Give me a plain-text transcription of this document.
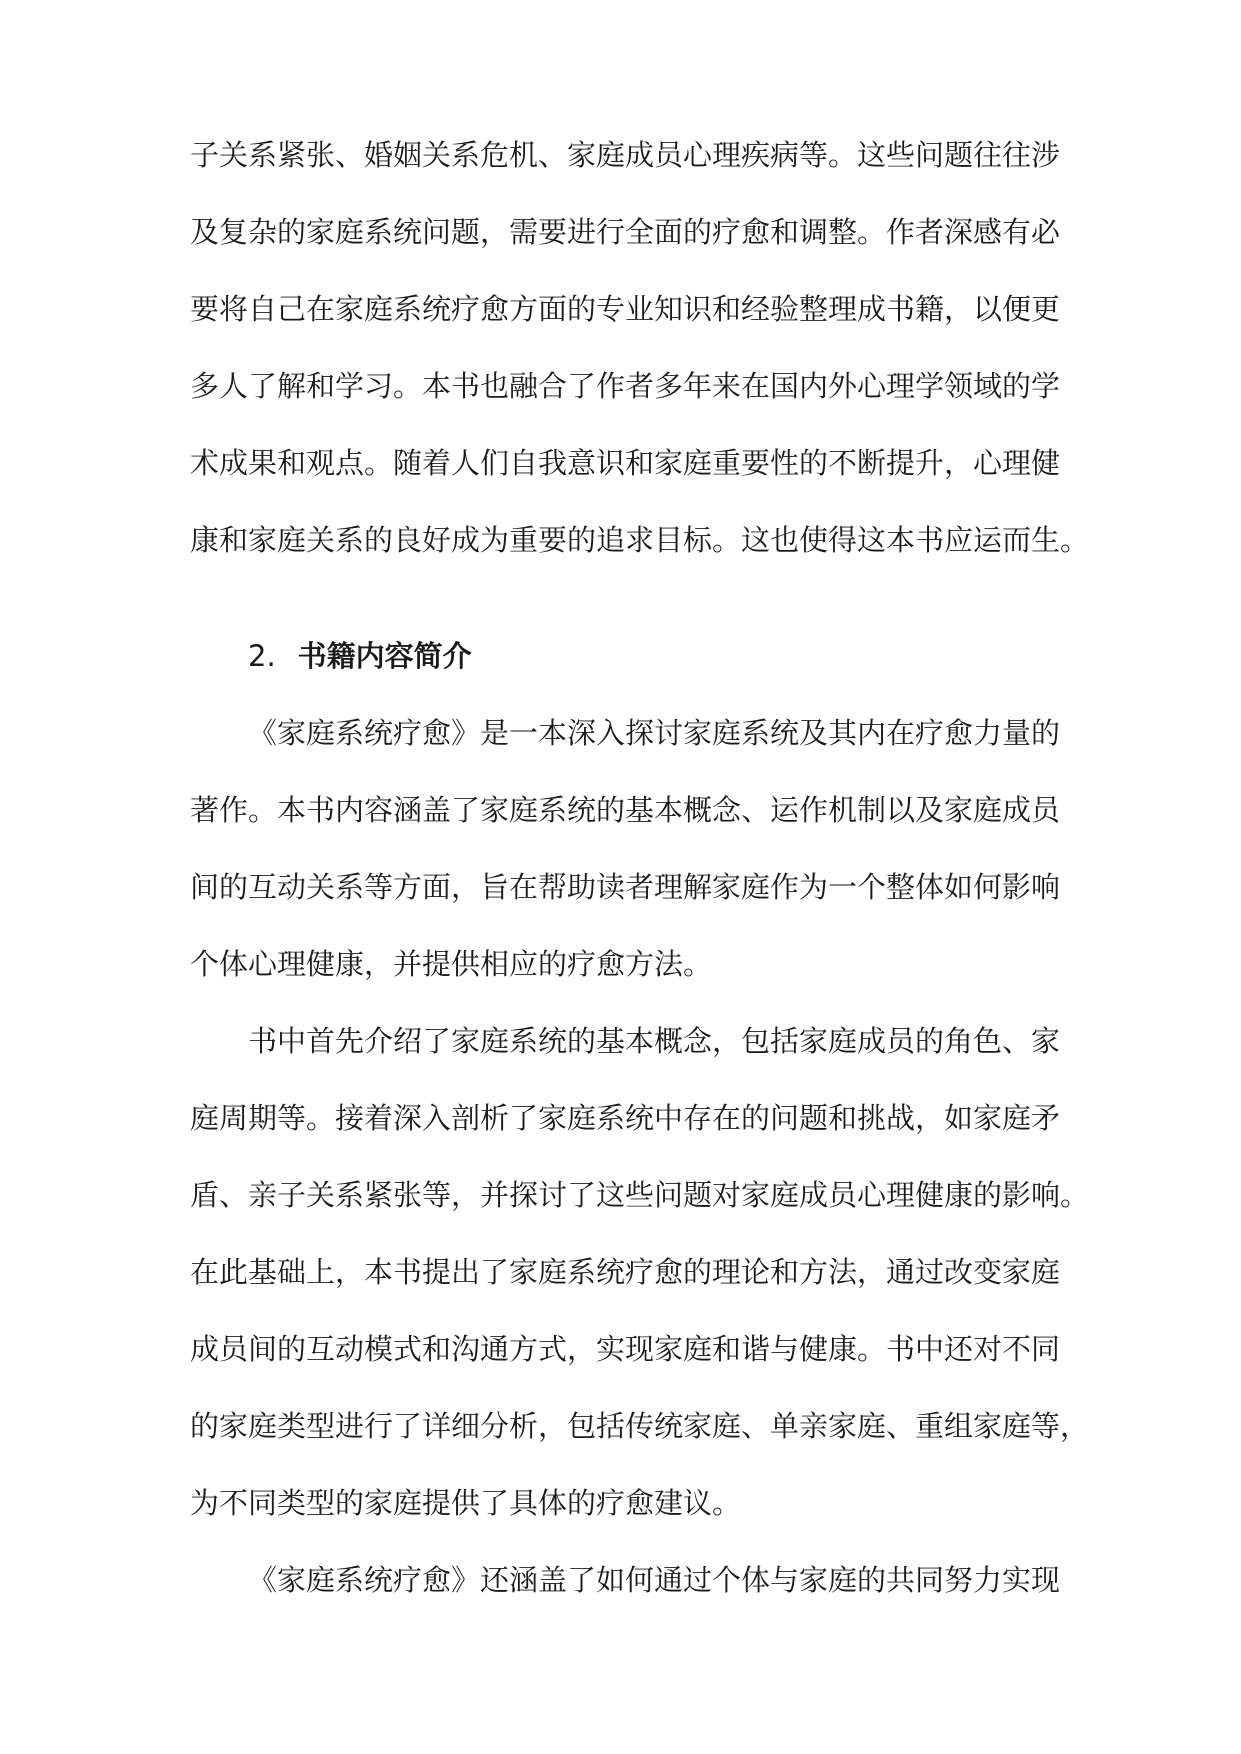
子关系紧张、婚姻关系危机、家庭成员心理疾病等。这些问题往往涉
及复杂的家庭系统问题，需要进行全面的疗愈和调整。作者深感有必
要将自己在家庭系统疗愈方面的专业知识和经验整理成书籍，以便更
多人了解和学习。本书也融合了作者多年来在国内外心理学领域的学
术成果和观点。随着人们自我意识和家庭重要性的不断提升，心理健
康和家庭关系的良好成为重要的追求目标。这也使得这本书应运而生。
2. 书籍内容简介
《家庭系统疗愈》是一本深入探讨家庭系统及其内在疗愈力量的
著作。本书内容涵盖了家庭系统的基本概念、运作机制以及家庭成员
间的互动关系等方面，旨在帮助读者理解家庭作为一个整体如何影响
个体心理健康，并提供相应的疗愈方法。
书中首先介绍了家庭系统的基本概念，包括家庭成员的角色、家
庭周期等。接着深入剖析了家庭系统中存在的问题和挑战，如家庭矛
盾、亲子关系紧张等，并探讨了这些问题对家庭成员心理健康的影响。
在此基础上，本书提出了家庭系统疗愈的理论和方法，通过改变家庭
成员间的互动模式和沟通方式，实现家庭和谐与健康。书中还对不同
的家庭类型进行了详细分析，包括传统家庭、单亲家庭、重组家庭等，
为不同类型的家庭提供了具体的疗愈建议。
《家庭系统疗愈》还涵盖了如何通过个体与家庭的共同努力实现
